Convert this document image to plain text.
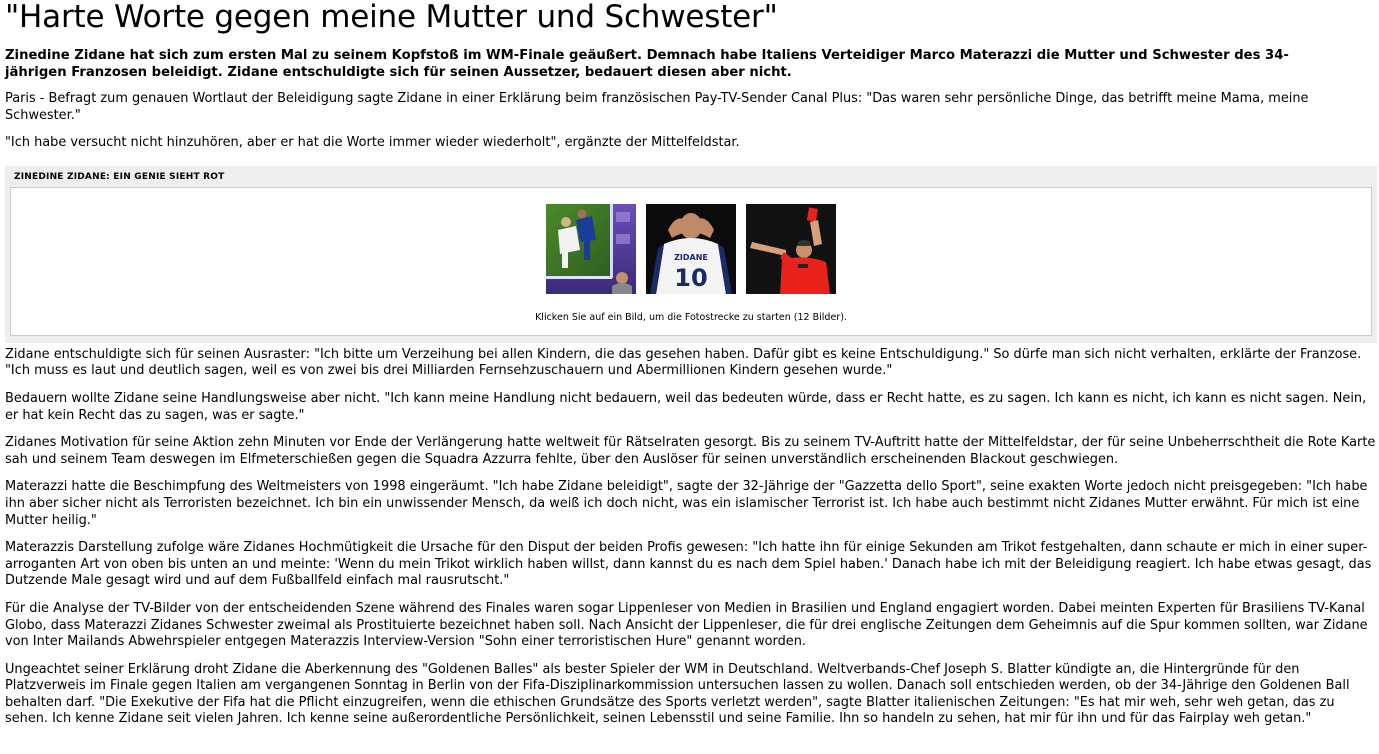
"Harte Worte gegen meine Mutter und Schwester"

Zinedine Zidane hat sich zum ersten Mal zu seinem Kopfstoß im WM-Finale geäußert. Demnach habe Italiens Verteidiger Marco Materazzi die Mutter und Schwester des 34-jährigen Franzosen beleidigt. Zidane entschuldigte sich für seinen Aussetzer, bedauert diesen aber nicht.

Paris - Befragt zum genauen Wortlaut der Beleidigung sagte Zidane in einer Erklärung beim französischen Pay-TV-Sender Canal Plus: "Das waren sehr persönliche Dinge, das betrifft meine Mama, meine Schwester."

"Ich habe versucht nicht hinzuhören, aber er hat die Worte immer wieder wiederholt", ergänzte der Mittelfeldstar.

ZINEDINE ZIDANE: EIN GENIE SIEHT ROT
ZIDANE
10
Klicken Sie auf ein Bild, um die Fotostrecke zu starten (12 Bilder).

Zidane entschuldigte sich für seinen Ausraster: "Ich bitte um Verzeihung bei allen Kindern, die das gesehen haben. Dafür gibt es keine Entschuldigung." So dürfe man sich nicht verhalten, erklärte der Franzose. "Ich muss es laut und deutlich sagen, weil es von zwei bis drei Milliarden Fernsehzuschauern und Abermillionen Kindern gesehen wurde."

Bedauern wollte Zidane seine Handlungsweise aber nicht. "Ich kann meine Handlung nicht bedauern, weil das bedeuten würde, dass er Recht hatte, es zu sagen. Ich kann es nicht, ich kann es nicht sagen. Nein, er hat kein Recht das zu sagen, was er sagte."

Zidanes Motivation für seine Aktion zehn Minuten vor Ende der Verlängerung hatte weltweit für Rätselraten gesorgt. Bis zu seinem TV-Auftritt hatte der Mittelfeldstar, der für seine Unbeherrschtheit die Rote Karte sah und seinem Team deswegen im Elfmeterschießen gegen die Squadra Azzurra fehlte, über den Auslöser für seinen unverständlich erscheinenden Blackout geschwiegen.

Materazzi hatte die Beschimpfung des Weltmeisters von 1998 eingeräumt. "Ich habe Zidane beleidigt", sagte der 32-Jährige der "Gazzetta dello Sport", seine exakten Worte jedoch nicht preisgegeben: "Ich habe ihn aber sicher nicht als Terroristen bezeichnet. Ich bin ein unwissender Mensch, da weiß ich doch nicht, was ein islamischer Terrorist ist. Ich habe auch bestimmt nicht Zidanes Mutter erwähnt. Für mich ist eine Mutter heilig."

Materazzis Darstellung zufolge wäre Zidanes Hochmütigkeit die Ursache für den Disput der beiden Profis gewesen: "Ich hatte ihn für einige Sekunden am Trikot festgehalten, dann schaute er mich in einer super-arroganten Art von oben bis unten an und meinte: 'Wenn du mein Trikot wirklich haben willst, dann kannst du es nach dem Spiel haben.' Danach habe ich mit der Beleidigung reagiert. Ich habe etwas gesagt, das Dutzende Male gesagt wird und auf dem Fußballfeld einfach mal rausrutscht."

Für die Analyse der TV-Bilder von der entscheidenden Szene während des Finales waren sogar Lippenleser von Medien in Brasilien und England engagiert worden. Dabei meinten Experten für Brasiliens TV-Kanal Globo, dass Materazzi Zidanes Schwester zweimal als Prostituierte bezeichnet haben soll. Nach Ansicht der Lippenleser, die für drei englische Zeitungen dem Geheimnis auf die Spur kommen sollten, war Zidane von Inter Mailands Abwehrspieler entgegen Materazzis Interview-Version "Sohn einer terroristischen Hure" genannt worden.

Ungeachtet seiner Erklärung droht Zidane die Aberkennung des "Goldenen Balles" als bester Spieler der WM in Deutschland. Weltverbands-Chef Joseph S. Blatter kündigte an, die Hintergründe für den Platzverweis im Finale gegen Italien am vergangenen Sonntag in Berlin von der Fifa-Disziplinarkommission untersuchen lassen zu wollen. Danach soll entschieden werden, ob der 34-Jährige den Goldenen Ball behalten darf. "Die Exekutive der Fifa hat die Pflicht einzugreifen, wenn die ethischen Grundsätze des Sports verletzt werden", sagte Blatter italienischen Zeitungen: "Es hat mir weh, sehr weh getan, das zu sehen. Ich kenne Zidane seit vielen Jahren. Ich kenne seine außerordentliche Persönlichkeit, seinen Lebensstil und seine Familie. Ihn so handeln zu sehen, hat mir für ihn und für das Fairplay weh getan."
